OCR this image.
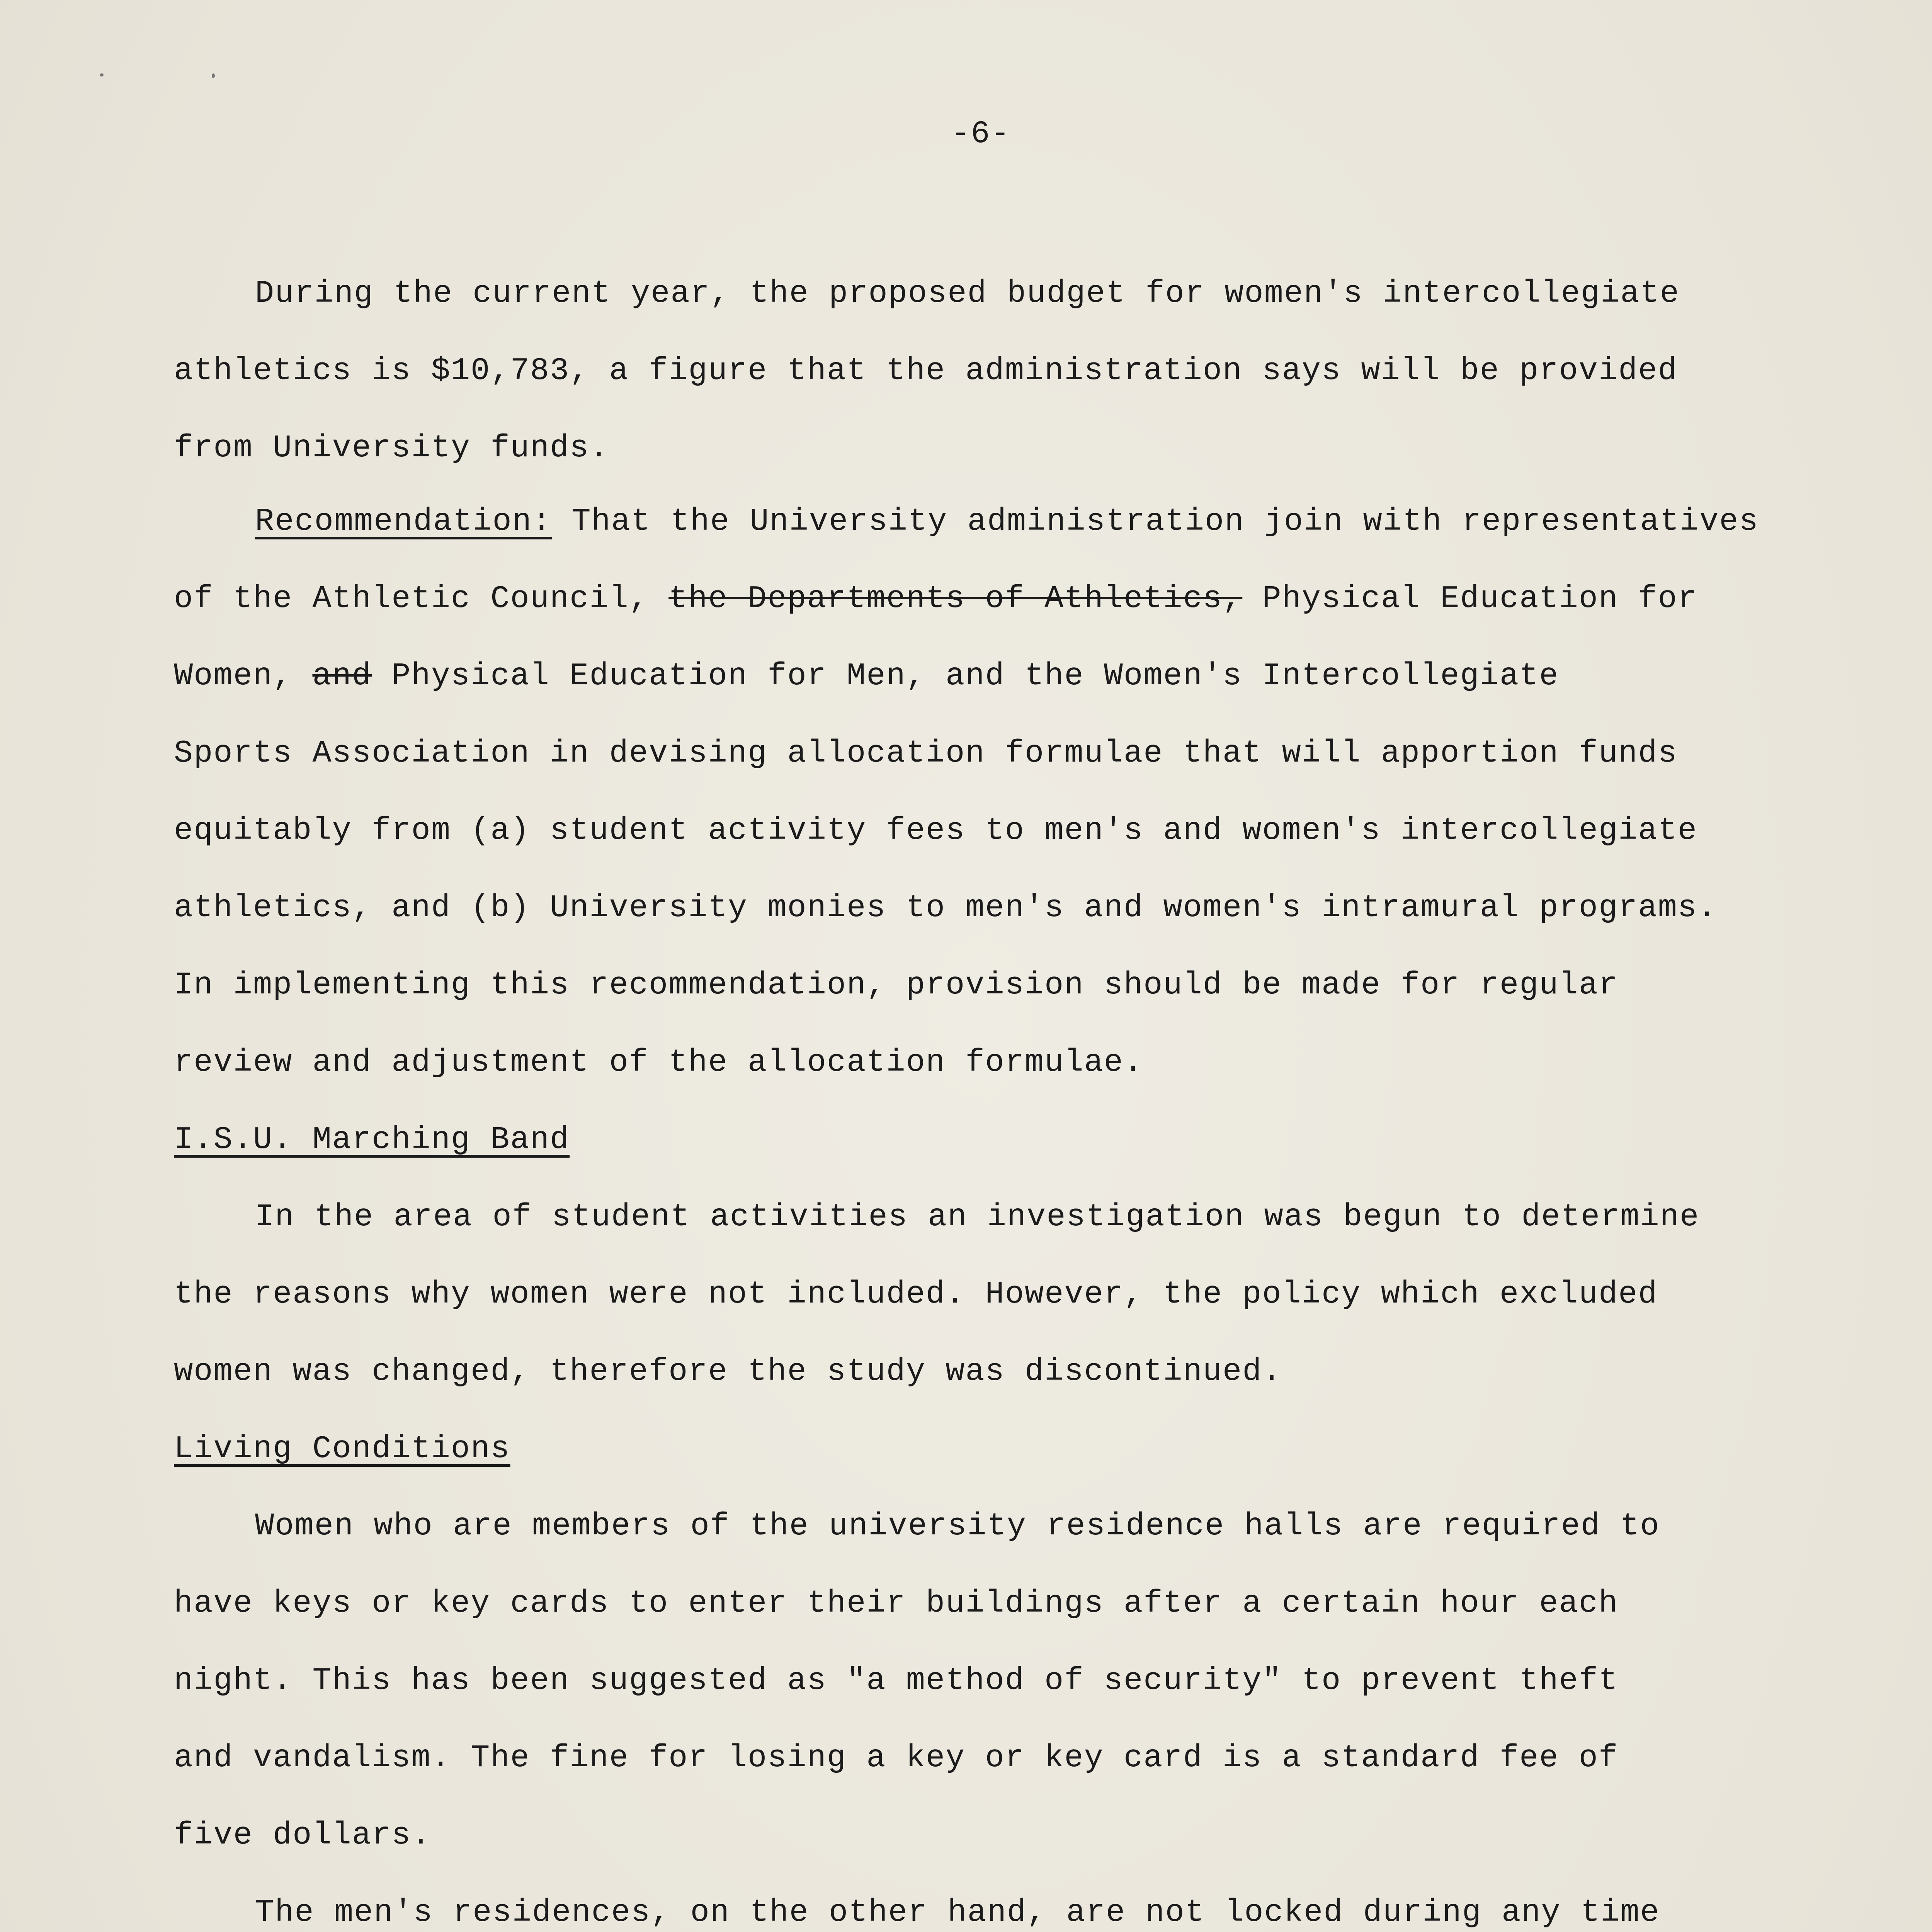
-6-
During the current year, the proposed budget for women's intercollegiate
athletics is $10,783, a figure that the administration says will be provided
from University funds.
Recommendation: That the University administration join with representatives
of the Athletic Council, the Departments of Athletics, Physical Education for
Women, and Physical Education for Men, and the Women's Intercollegiate
Sports Association in devising allocation formulae that will apportion funds
equitably from (a) student activity fees to men's and women's intercollegiate
athletics, and (b) University monies to men's and women's intramural programs.
In implementing this recommendation, provision should be made for regular
review and adjustment of the allocation formulae.
I.S.U. Marching Band
In the area of student activities an investigation was begun to determine
the reasons why women were not included. However, the policy which excluded
women was changed, therefore the study was discontinued.
Living Conditions
Women who are members of the university residence halls are required to
have keys or key cards to enter their buildings after a certain hour each
night. This has been suggested as "a method of security" to prevent theft
and vandalism. The fine for losing a key or key card is a standard fee of
five dollars.
The men's residences, on the other hand, are not locked during any time
